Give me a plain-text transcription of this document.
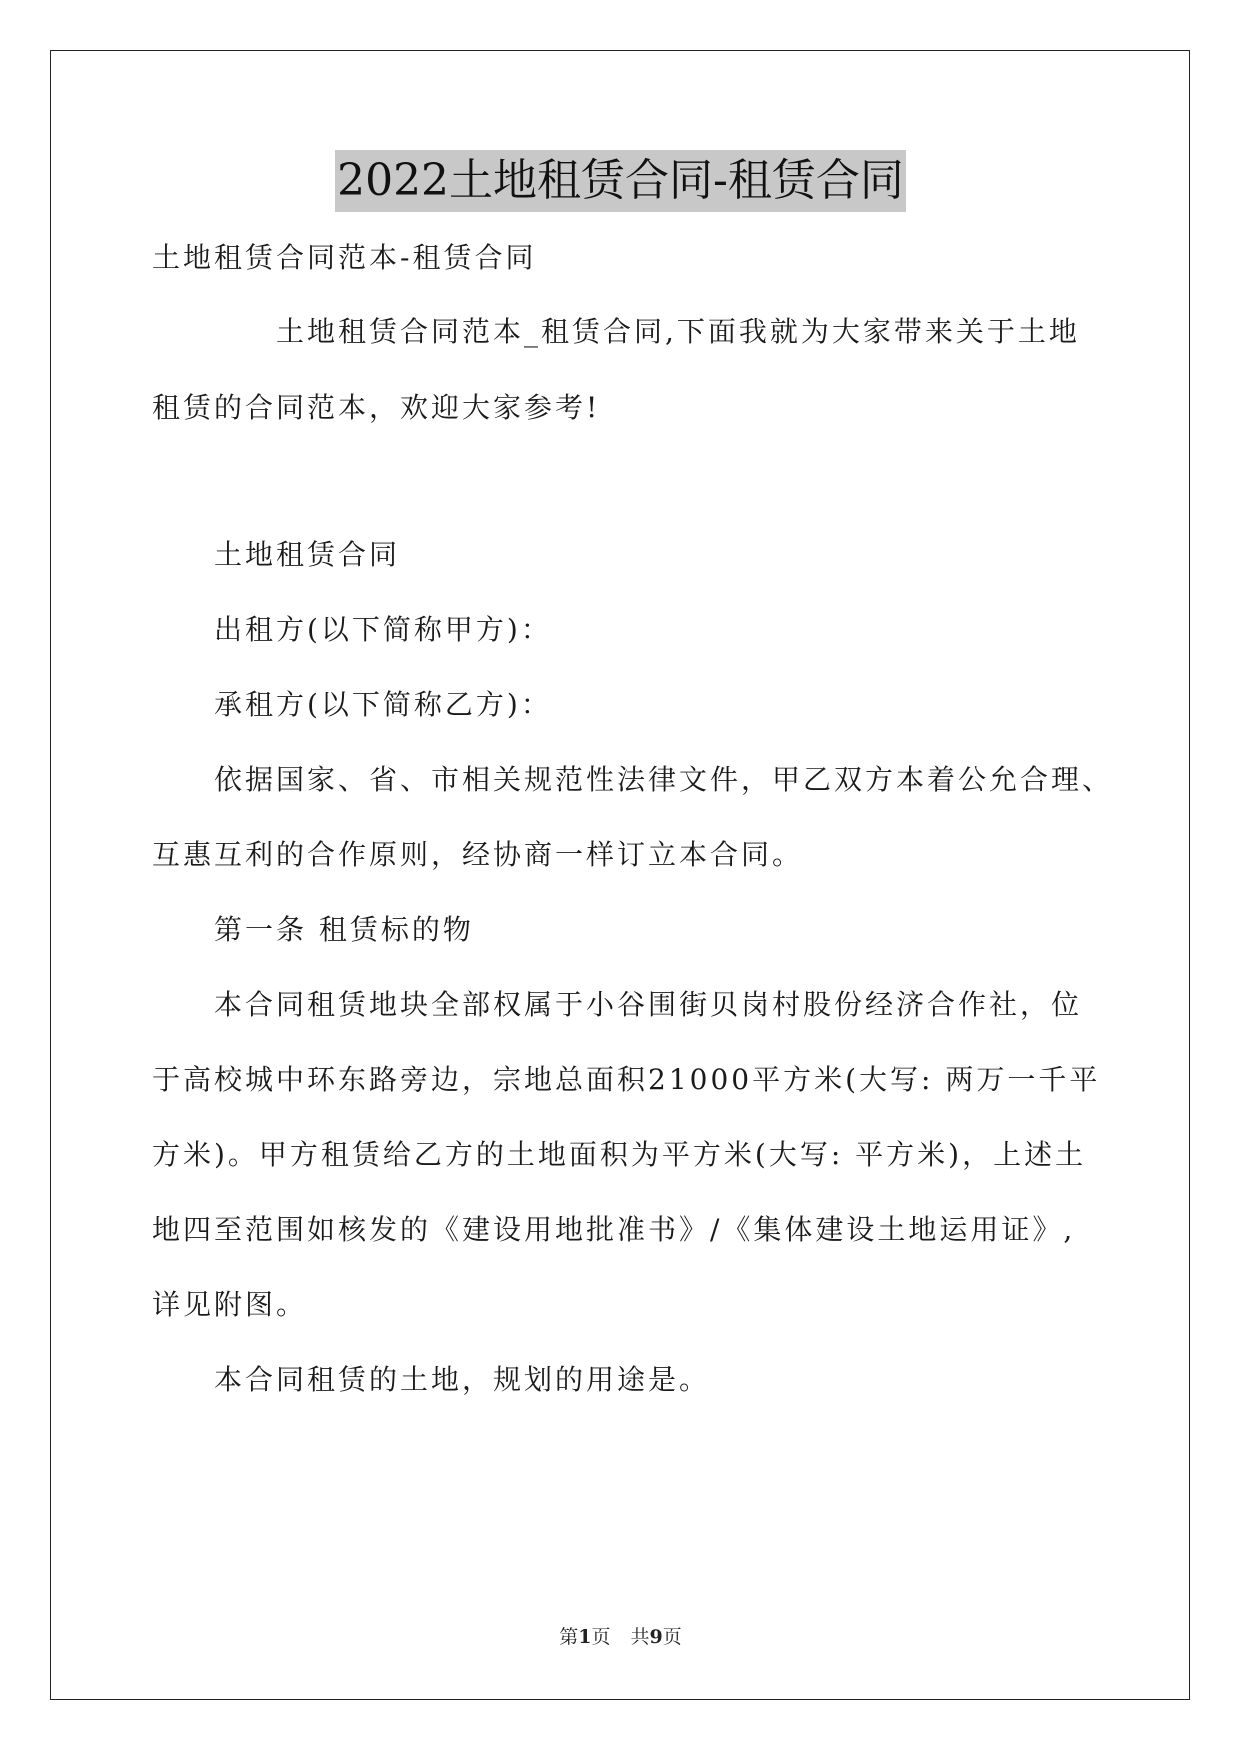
2022土地租赁合同-租赁合同
土地租赁合同范本-租赁合同
土地租赁合同范本_租赁合同,下面我就为大家带来关于土地
租赁的合同范本，欢迎大家参考!
土地租赁合同
出租方(以下简称甲方)：
承租方(以下简称乙方)：
依据国家、省、市相关规范性法律文件，甲乙双方本着公允合理、
互惠互利的合作原则，经协商一样订立本合同。
第一条 租赁标的物
本合同租赁地块全部权属于小谷围街贝岗村股份经济合作社，位
于高校城中环东路旁边，宗地总面积21000平方米(大写: 两万一千平
方米)。甲方租赁给乙方的土地面积为平方米(大写: 平方米)，上述土
地四至范围如核发的《建设用地批准书》/《集体建设土地运用证》,
详见附图。
本合同租赁的土地，规划的用途是。
第1页 共9页
